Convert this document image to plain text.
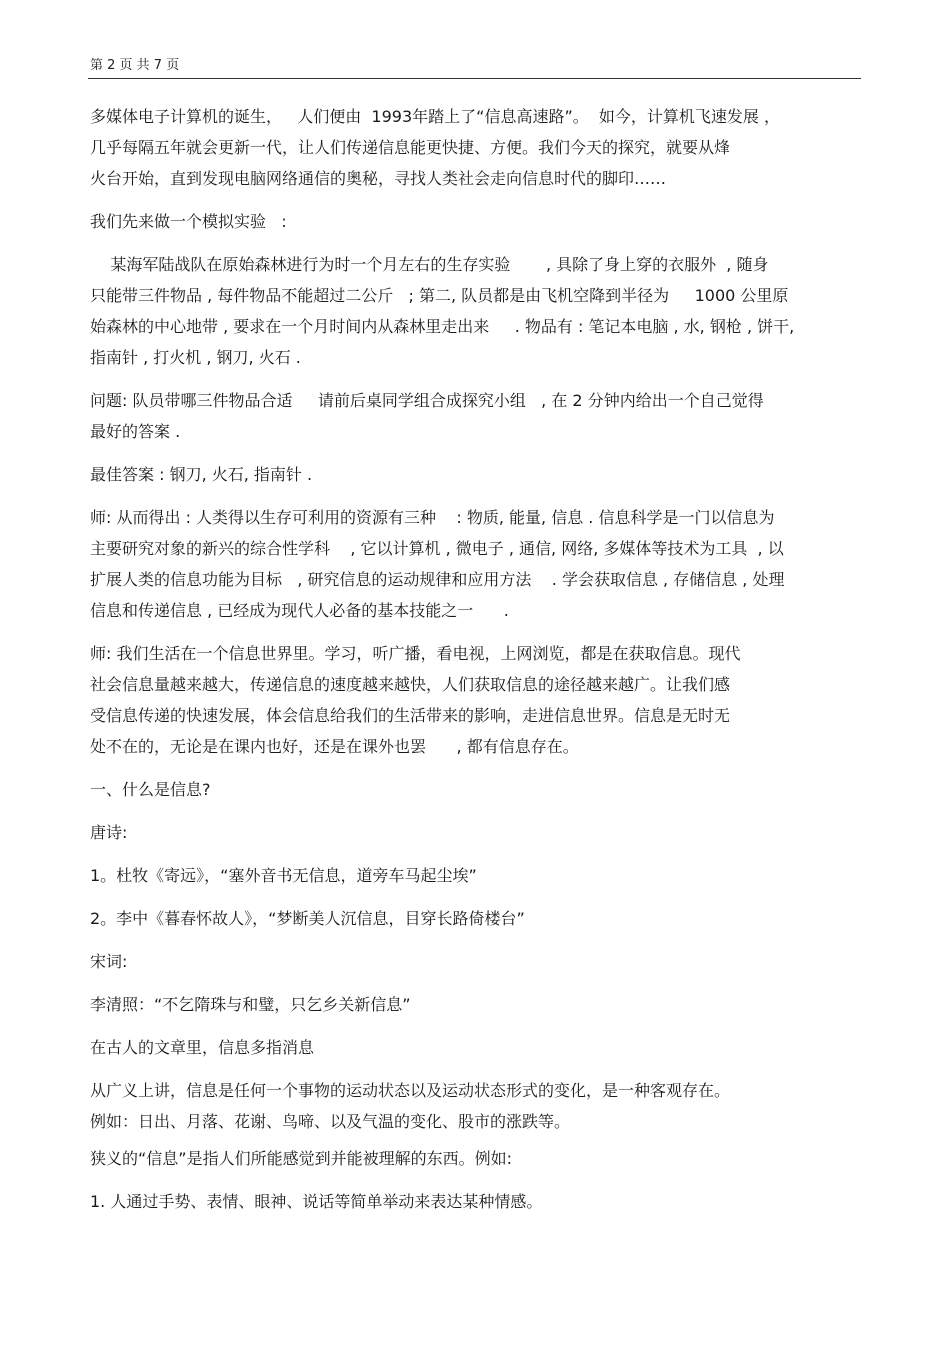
第 2 页 共 7 页
多媒体电子计算机的诞生，   人们便由  1993年踏上了“信息高速路”。  如今，计算机飞速发展 ，
几乎每隔五年就会更新一代，让人们传递信息能更快捷、方便。我们今天的探究，就要从烽
火台开始，直到发现电脑网络通信的奥秘，寻找人类社会走向信息时代的脚印……
我们先来做一个模拟实验   :
某海军陆战队在原始森林进行为时一个月左右的生存实验       , 具除了身上穿的衣服外  , 随身
只能带三件物品 , 每件物品不能超过二公斤   ; 第二, 队员都是由飞机空降到半径为     1000 公里原
始森林的中心地带 , 要求在一个月时间内从森林里走出来     . 物品有 : 笔记本电脑 , 水, 钢枪 , 饼干,
指南针 , 打火机 , 钢刀, 火石 .
问题: 队员带哪三件物品合适     请前后桌同学组合成探究小组   , 在 2 分钟内给出一个自己觉得
最好的答案 .
最佳答案 : 钢刀, 火石, 指南针 .
师: 从而得出 : 人类得以生存可利用的资源有三种    : 物质, 能量, 信息 . 信息科学是一门以信息为
主要研究对象的新兴的综合性学科    , 它以计算机 , 微电子 , 通信, 网络, 多媒体等技术为工具  , 以
扩展人类的信息功能为目标   , 研究信息的运动规律和应用方法    . 学会获取信息 , 存储信息 , 处理
信息和传递信息 , 已经成为现代人必备的基本技能之一      .
师: 我们生活在一个信息世界里。学习，听广播，看电视，上网浏览，都是在获取信息。现代
社会信息量越来越大，传递信息的速度越来越快，人们获取信息的途径越来越广。让我们感
受信息传递的快速发展，体会信息给我们的生活带来的影响，走进信息世界。信息是无时无
处不在的，无论是在课内也好，还是在课外也罢      , 都有信息存在。
一、什么是信息?
唐诗:
1。杜牧《寄远》，“塞外音书无信息，道旁车马起尘埃”
2。李中《暮春怀故人》，“梦断美人沉信息，目穿长路倚楼台”
宋词:
李清照：“不乞隋珠与和璧，只乞乡关新信息”
在古人的文章里，信息多指消息
从广义上讲，信息是任何一个事物的运动状态以及运动状态形式的变化，是一种客观存在。
例如：日出、月落、花谢、鸟啼、以及气温的变化、股市的涨跌等。
狭义的“信息”是指人们所能感觉到并能被理解的东西。例如:
1. 人通过手势、表情、眼神、说话等简单举动来表达某种情感。
